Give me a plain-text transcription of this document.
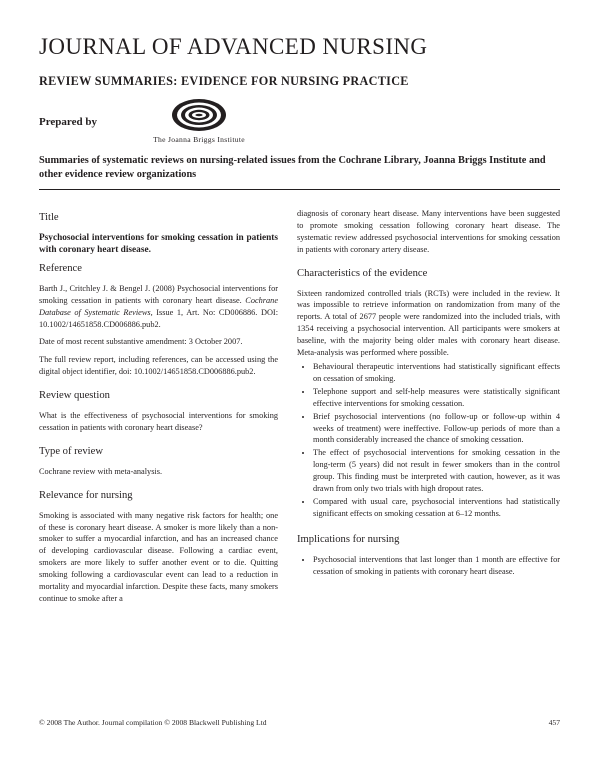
JOURNAL OF ADVANCED NURSING
REVIEW SUMMARIES: EVIDENCE FOR NURSING PRACTICE
Prepared by
The Joanna Briggs Institute
Summaries of systematic reviews on nursing-related issues from the Cochrane Library, Joanna Briggs Institute and other evidence review organizations
Title

Psychosocial interventions for smoking cessation in patients with coronary heart disease.

Reference

Barth J., Critchley J. & Bengel J. (2008) Psychosocial interventions for smoking cessation in patients with coronary heart disease. Cochrane Database of Systematic Reviews, Issue 1, Art. No: CD006886. DOI: 10.1002/14651858.CD006886.pub2.

Date of most recent substantive amendment: 3 October 2007.

The full review report, including references, can be accessed using the digital object identifier, doi: 10.1002/14651858.CD006886.pub2.

Review question

What is the effectiveness of psychosocial interventions for smoking cessation in patients with coronary heart disease?

Type of review

Cochrane review with meta-analysis.

Relevance for nursing

Smoking is associated with many negative risk factors for health; one of these is coronary heart disease. A smoker is more likely than a non-smoker to suffer a myocardial infarction, and has an increased chance of developing cardiovascular disease. Following a cardiac event, smokers are more likely to suffer another event or to die. Quitting smoking following a cardiovascular event can lead to a reduction in mortality and myocardial infarction. Despite these facts, many smokers continue to smoke after a

diagnosis of coronary heart disease. Many interventions have been suggested to promote smoking cessation following coronary heart disease. The systematic review addressed psychosocial interventions for smoking cessation in patients with coronary artery disease.

Characteristics of the evidence

Sixteen randomized controlled trials (RCTs) were included in the review. It was impossible to retrieve information on randomization from many of the reports. A total of 2677 people were randomized into the included trials, with 1354 receiving a psychosocial intervention. All participants were smokers at baseline, with the majority being older males with coronary heart disease. Meta-analysis was performed where possible.

• Behavioural therapeutic interventions had statistically significant effects on cessation of smoking.
• Telephone support and self-help measures were statistically significant effective interventions for smoking cessation.
• Brief psychosocial interventions (no follow-up or follow-up within 4 weeks of treatment) were ineffective. Follow-up periods of more than a month considerably increased the chance of smoking cessation.
• The effect of psychosocial interventions for smoking cessation in the long-term (5 years) did not result in fewer smokers than in the control group. This finding must be interpreted with caution, however, as it was drawn from only two trials with high dropout rates.
• Compared with usual care, psychosocial interventions had statistically significant effects on smoking cessation at 6–12 months.
Implications for nursing
• Psychosocial interventions that last longer than 1 month are effective for cessation of smoking in patients with coronary heart disease.
© 2008 The Author. Journal compilation © 2008 Blackwell Publishing Ltd	457
